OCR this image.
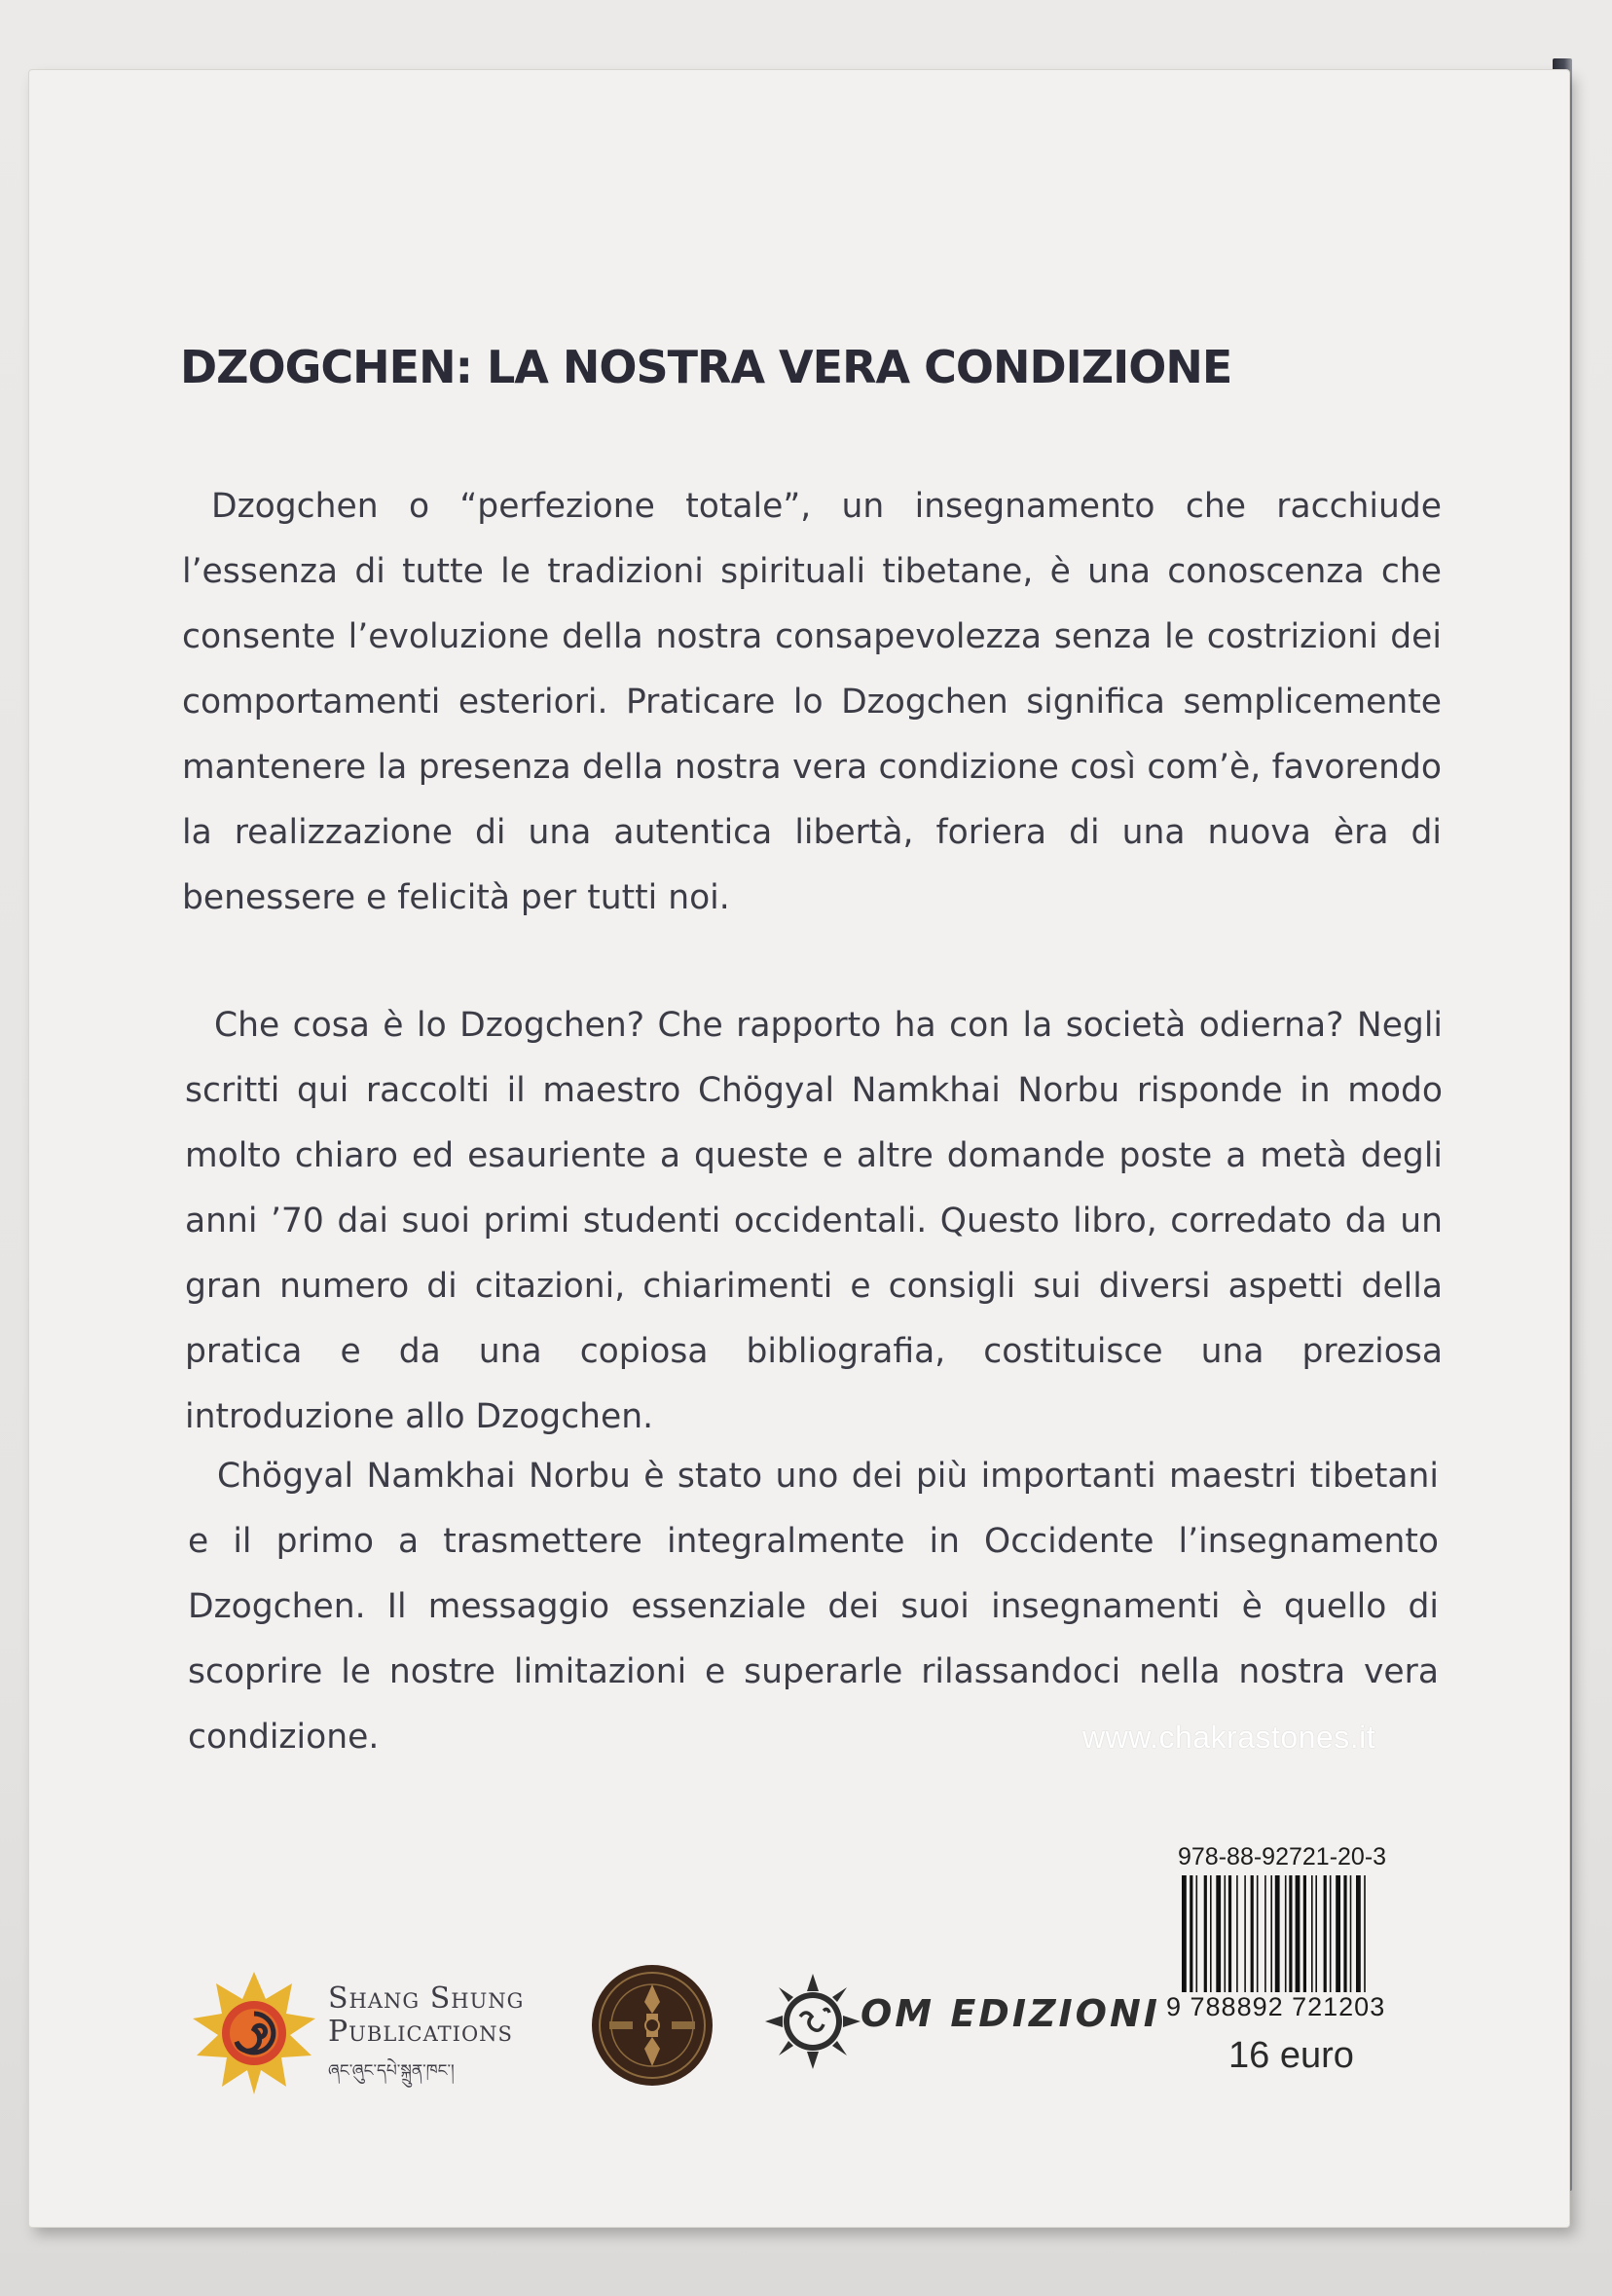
DZOGCHEN: LA NOSTRA VERA CONDIZIONE

Dzogchen o “perfezione totale”, un insegnamento che racchiude l’essenza di tutte le tradizioni spirituali tibetane, è una conoscenza che consente l’evoluzione della nostra consapevolezza senza le costrizioni dei comportamenti esteriori. Praticare lo Dzogchen significa semplicemente mantenere la presenza della nostra vera condizione così com’è, favorendo la realizzazione di una autentica libertà, foriera di una nuova èra di benessere e felicità per tutti noi.

Che cosa è lo Dzogchen? Che rapporto ha con la società odierna? Negli scritti qui raccolti il maestro Chögyal Namkhai Norbu risponde in modo molto chiaro ed esauriente a queste e altre domande poste a metà degli anni ’70 dai suoi primi studenti occidentali. Questo libro, corredato da un gran numero di citazioni, chiarimenti e consigli sui diversi aspetti della pratica e da una copiosa bibliografia, costituisce una preziosa introduzione allo Dzogchen.

Chögyal Namkhai Norbu è stato uno dei più importanti maestri tibetani e il primo a trasmettere integralmente in Occidente l’insegnamento Dzogchen. Il messaggio essenziale dei suoi insegnamenti è quello di scoprire le nostre limitazioni e superarle rilassandoci nella nostra vera condizione.	www.chakrastones.it

978-88-92721-20-3

9 788892 721203

16 euro

Shang Shung
Publications

ཞང་ཞུང་དཔེ་སྐྲུན་ཁང་།

OM EDIZIONI
